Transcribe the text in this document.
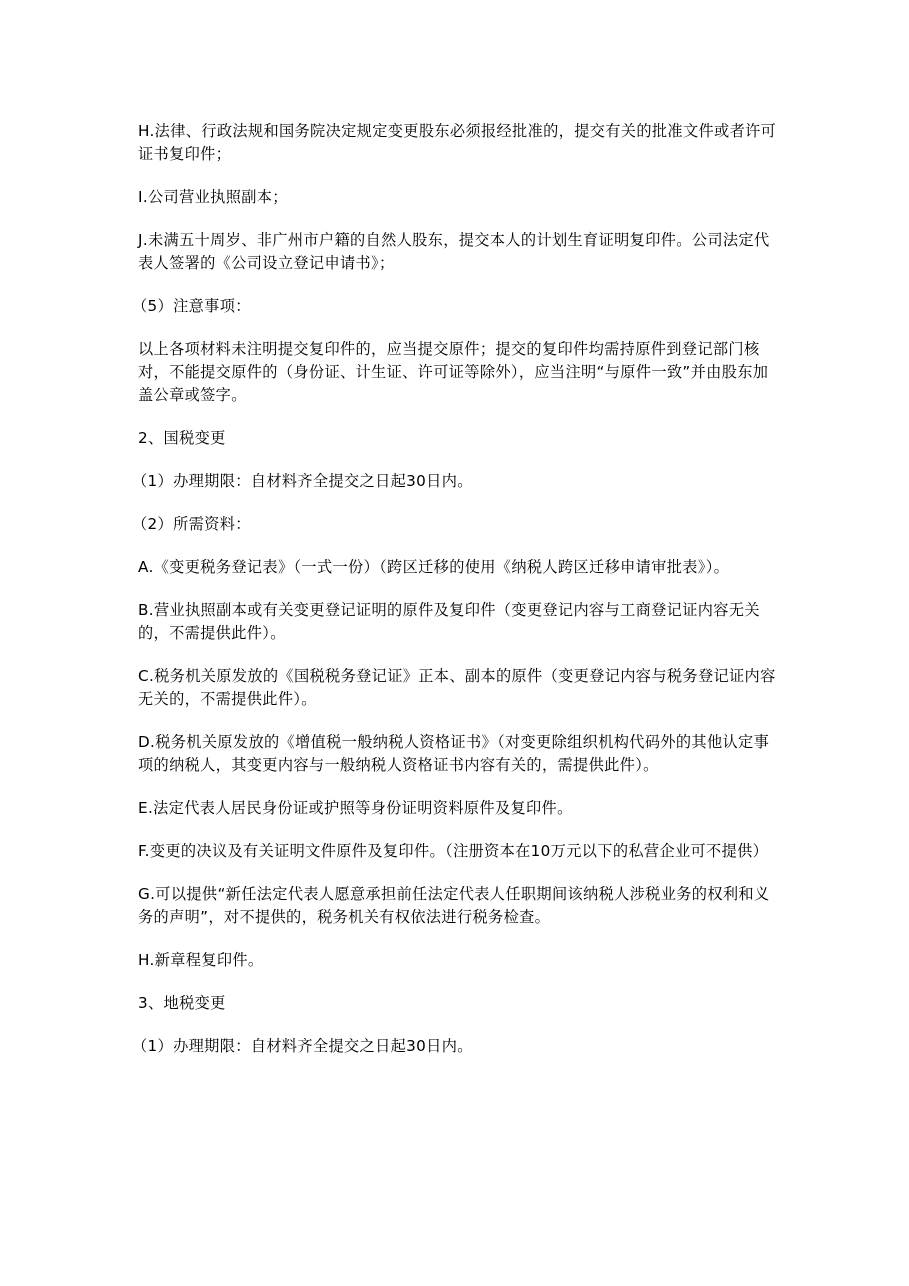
H.法律、行政法规和国务院决定规定变更股东必须报经批准的，提交有关的批准文件或者许可证书复印件；

I.公司营业执照副本；

J.未满五十周岁、非广州市户籍的自然人股东，提交本人的计划生育证明复印件。公司法定代表人签署的《公司设立登记申请书》；

（5）注意事项：

以上各项材料未注明提交复印件的，应当提交原件；提交的复印件均需持原件到登记部门核对，不能提交原件的（身份证、计生证、许可证等除外），应当注明“与原件一致”并由股东加盖公章或签字。

2、国税变更

（1）办理期限：自材料齐全提交之日起30日内。

（2）所需资料：

A.《变更税务登记表》（一式一份）（跨区迁移的使用《纳税人跨区迁移申请审批表》）。

B.营业执照副本或有关变更登记证明的原件及复印件（变更登记内容与工商登记证内容无关的，不需提供此件）。

C.税务机关原发放的《国税税务登记证》正本、副本的原件（变更登记内容与税务登记证内容无关的，不需提供此件）。

D.税务机关原发放的《增值税一般纳税人资格证书》（对变更除组织机构代码外的其他认定事项的纳税人，其变更内容与一般纳税人资格证书内容有关的，需提供此件）。

E.法定代表人居民身份证或护照等身份证明资料原件及复印件。

F.变更的决议及有关证明文件原件及复印件。（注册资本在10万元以下的私营企业可不提供）

G.可以提供“新任法定代表人愿意承担前任法定代表人任职期间该纳税人涉税业务的权利和义务的声明”，对不提供的，税务机关有权依法进行税务检查。

H.新章程复印件。

3、地税变更

（1）办理期限：自材料齐全提交之日起30日内。
